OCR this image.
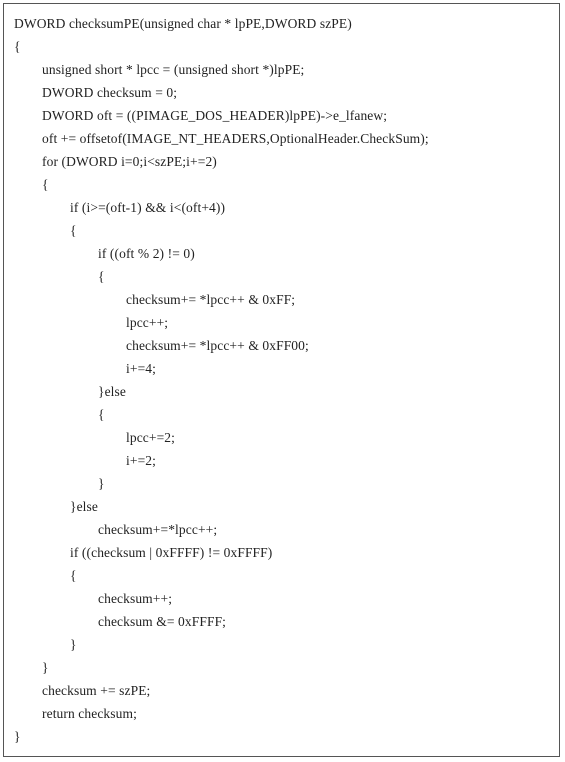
DWORD checksumPE(unsigned char * lpPE,DWORD szPE)
{
unsigned short * lpcc = (unsigned short *)lpPE;
DWORD checksum = 0;
DWORD oft = ((PIMAGE_DOS_HEADER)lpPE)->e_lfanew;
oft += offsetof(IMAGE_NT_HEADERS,OptionalHeader.CheckSum);
for (DWORD i=0;i<szPE;i+=2)
{
if (i>=(oft-1) && i<(oft+4))
{
if ((oft % 2) != 0)
{
checksum+= *lpcc++ & 0xFF;
lpcc++;
checksum+= *lpcc++ & 0xFF00;
i+=4;
}else
{
lpcc+=2;
i+=2;
}
}else
checksum+=*lpcc++;
if ((checksum | 0xFFFF) != 0xFFFF)
{
checksum++;
checksum &= 0xFFFF;
}
}
checksum += szPE;
return checksum;
}
